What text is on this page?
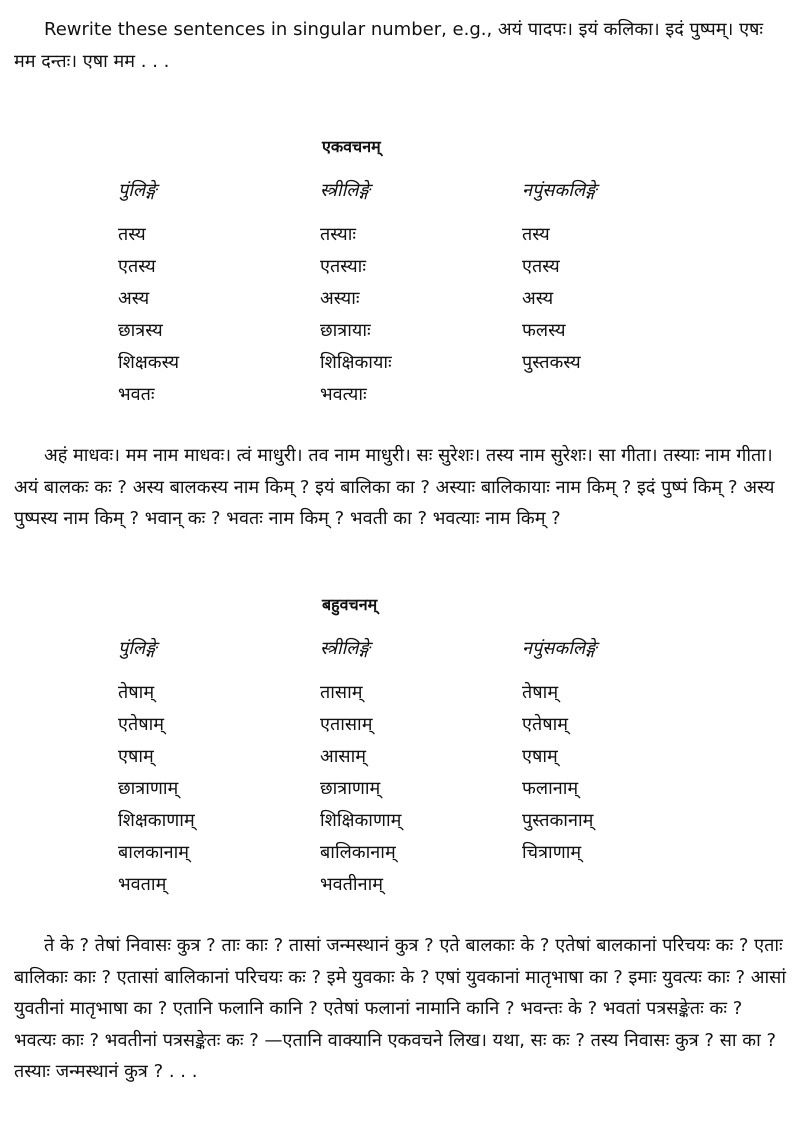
Rewrite these sentences in singular number, e.g., अयं पादपः। इयं कलिका। इदं पुष्पम्। एषः मम दन्तः। एषा मम . . .

एकवचनम्
पुंलिङ्गे	स्त्रीलिङ्गे	नपुंसकलिङ्गे
तस्य	तस्याः	तस्य
एतस्य	एतस्याः	एतस्य
अस्य	अस्याः	अस्य
छात्रस्य	छात्रायाः	फलस्य
शिक्षकस्य	शिक्षिकायाः	पुस्तकस्य
भवतः	भवत्याः

अहं माधवः। मम नाम माधवः। त्वं माधुरी। तव नाम माधुरी। सः सुरेशः। तस्य नाम सुरेशः। सा गीता। तस्याः नाम गीता। अयं बालकः कः ? अस्य बालकस्य नाम किम् ? इयं बालिका का ? अस्याः बालिकायाः नाम किम् ? इदं पुष्पं किम् ? अस्य पुष्पस्य नाम किम् ? भवान् कः ? भवतः नाम किम् ? भवती का ? भवत्याः नाम किम् ?

बहुवचनम्
पुंलिङ्गे	स्त्रीलिङ्गे	नपुंसकलिङ्गे
तेषाम्	तासाम्	तेषाम्
एतेषाम्	एतासाम्	एतेषाम्
एषाम्	आसाम्	एषाम्
छात्राणाम्	छात्राणाम्	फलानाम्
शिक्षकाणाम्	शिक्षिकाणाम्	पुस्तकानाम्
बालकानाम्	बालिकानाम्	चित्राणाम्
भवताम्	भवतीनाम्

ते के ? तेषां निवासः कुत्र ? ताः काः ? तासां जन्मस्थानं कुत्र ? एते बालकाः के ? एतेषां बालकानां परिचयः कः ? एताः बालिकाः काः ? एतासां बालिकानां परिचयः कः ? इमे युवकाः के ? एषां युवकानां मातृभाषा का ? इमाः युवत्यः काः ? आसां युवतीनां मातृभाषा का ? एतानि फलानि कानि ? एतेषां फलानां नामानि कानि ? भवन्तः के ? भवतां पत्रसङ्केतः कः ? भवत्यः काः ? भवतीनां पत्रसङ्केतः कः ? —एतानि वाक्यानि एकवचने लिख। यथा, सः कः ? तस्य निवासः कुत्र ? सा का ? तस्याः जन्मस्थानं कुत्र ? . . .
